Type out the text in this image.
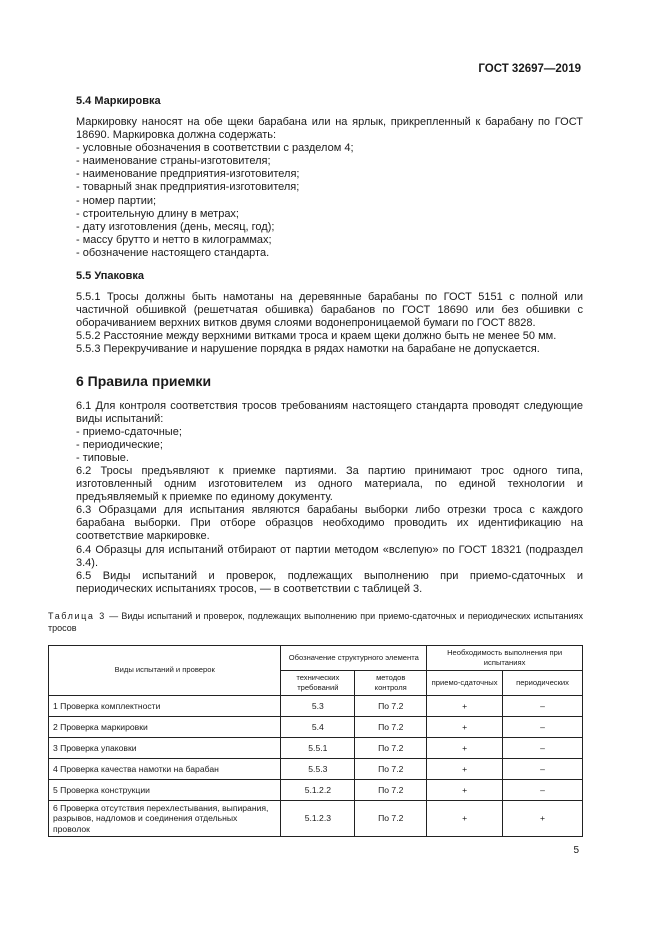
ГОСТ 32697—2019
5.4 Маркировка

Маркировку наносят на обе щеки барабана или на ярлык, прикрепленный к барабану по ГОСТ 18690. Маркировка должна содержать:

- условные обозначения в соответствии с разделом 4;
- наименование страны-изготовителя;
- наименование предприятия-изготовителя;
- товарный знак предприятия-изготовителя;
- номер партии;
- строительную длину в метрах;
- дату изготовления (день, месяц, год);
- массу брутто и нетто в килограммах;
- обозначение настоящего стандарта.
5.5 Упаковка

5.5.1 Тросы должны быть намотаны на деревянные барабаны по ГОСТ 5151 с полной или частичной обшивкой (решетчатая обшивка) барабанов по ГОСТ 18690 или без обшивки с оборачиванием верхних витков двумя слоями водонепроницаемой бумаги по ГОСТ 8828.

5.5.2 Расстояние между верхними витками троса и краем щеки должно быть не менее 50 мм.

5.5.3 Перекручивание и нарушение порядка в рядах намотки на барабане не допускается.

6 Правила приемки

6.1 Для контроля соответствия тросов требованиям настоящего стандарта проводят следующие виды испытаний:

- приемо-сдаточные;
- периодические;
- типовые.

6.2 Тросы предъявляют к приемке партиями. За партию принимают трос одного типа, изготовленный одним изготовителем из одного материала, по единой технологии и предъявляемый к приемке по единому документу.

6.3 Образцами для испытания являются барабаны выборки либо отрезки троса с каждого барабана выборки. При отборе образцов необходимо проводить их идентификацию на соответствие маркировке.

6.4 Образцы для испытаний отбирают от партии методом «вслепую» по ГОСТ 18321 (подраздел 3.4).

6.5 Виды испытаний и проверок, подлежащих выполнению при приемо-сдаточных и периодических испытаниях тросов, — в соответствии с таблицей 3.

Таблица 3 — Виды испытаний и проверок, подлежащих выполнению при приемо-сдаточных и периодических испытаниях тросов

Виды испытаний и проверок	Обозначение структурного элемента		Необходимость выполнения при испытаниях	
	технических требований	методов контроля	приемо-сдаточных	периодических
1 Проверка комплектности	5.3	По 7.2	+	–
2 Проверка маркировки	5.4	По 7.2	+	–
3 Проверка упаковки	5.5.1	По 7.2	+	–
4 Проверка качества намотки на барабан	5.5.3	По 7.2	+	–
5 Проверка конструкции	5.1.2.2	По 7.2	+	–
6 Проверка отсутствия перехлестывания, выпирания, разрывов, надломов и соединения отдельных проволок	5.1.2.3	По 7.2	+	+
5
